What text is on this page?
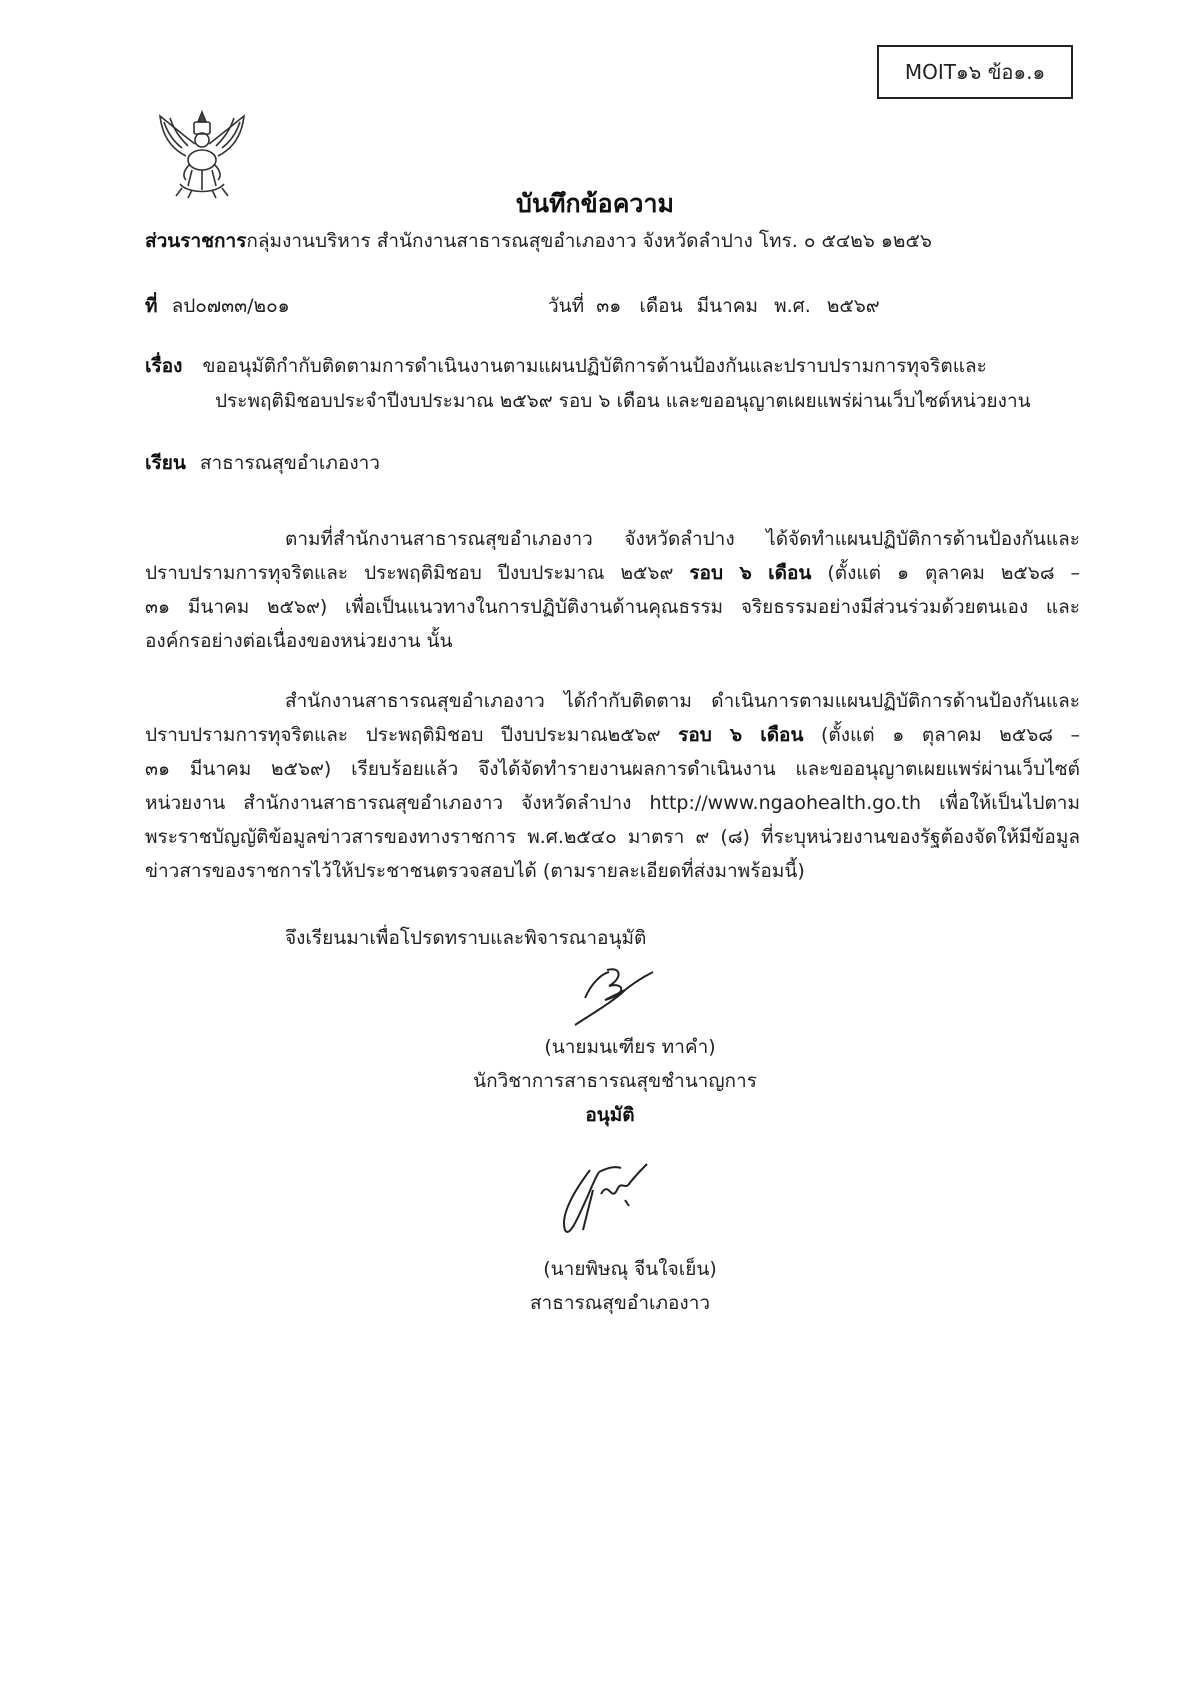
MOIT๑๖ ข้อ๑.๑
บันทึกข้อความ
ส่วนราชการกลุ่มงานบริหาร สำนักงานสาธารณสุขอำเภองาว จังหวัดลำปาง โทร. ๐ ๕๔๒๖ ๑๒๕๖
ที่ ลป๐๗๓๓/๒๐๑	วันที่ ๓๑ เดือน มีนาคม พ.ศ. ๒๕๖๙
เรื่อง ขออนุมัติกำกับติดตามการดำเนินงานตามแผนปฏิบัติการด้านป้องกันและปราบปรามการทุจริตและ
ประพฤติมิชอบประจำปีงบประมาณ ๒๕๖๙ รอบ ๖ เดือน และขออนุญาตเผยแพร่ผ่านเว็บไซต์หน่วยงาน
เรียน สาธารณสุขอำเภองาว
ตามที่สำนักงานสาธารณสุขอำเภองาว จังหวัดลำปาง ได้จัดทำแผนปฏิบัติการด้านป้องกันและ
ปราบปรามการทุจริตและ ประพฤติมิชอบ ปีงบประมาณ ๒๕๖๙ รอบ ๖ เดือน (ตั้งแต่ ๑ ตุลาคม ๒๕๖๘ –
๓๑ มีนาคม ๒๕๖๙) เพื่อเป็นแนวทางในการปฏิบัติงานด้านคุณธรรม จริยธรรมอย่างมีส่วนร่วมด้วยตนเอง และ
องค์กรอย่างต่อเนื่องของหน่วยงาน นั้น
สำนักงานสาธารณสุขอำเภองาว ได้กำกับติดตาม ดำเนินการตามแผนปฏิบัติการด้านป้องกันและ
ปราบปรามการทุจริตและ ประพฤติมิชอบ ปีงบประมาณ๒๕๖๙ รอบ ๖ เดือน (ตั้งแต่ ๑ ตุลาคม ๒๕๖๘ –
๓๑ มีนาคม ๒๕๖๙) เรียบร้อยแล้ว จึงได้จัดทำรายงานผลการดำเนินงาน และขออนุญาตเผยแพร่ผ่านเว็บไซต์
หน่วยงาน สำนักงานสาธารณสุขอำเภองาว จังหวัดลำปาง http://www.ngaohealth.go.th เพื่อให้เป็นไปตาม
พระราชบัญญัติข้อมูลข่าวสารของทางราชการ พ.ศ.๒๕๔๐ มาตรา ๙ (๘) ที่ระบุหน่วยงานของรัฐต้องจัดให้มีข้อมูล
ข่าวสารของราชการไว้ให้ประชาชนตรวจสอบได้ (ตามรายละเอียดที่ส่งมาพร้อมนี้)
จึงเรียนมาเพื่อโปรดทราบและพิจารณาอนุมัติ
(นายมนเฑียร ทาคำ)
นักวิชาการสาธารณสุขชำนาญการ
อนุมัติ
(นายพิษณุ จีนใจเย็น)
สาธารณสุขอำเภองาว
